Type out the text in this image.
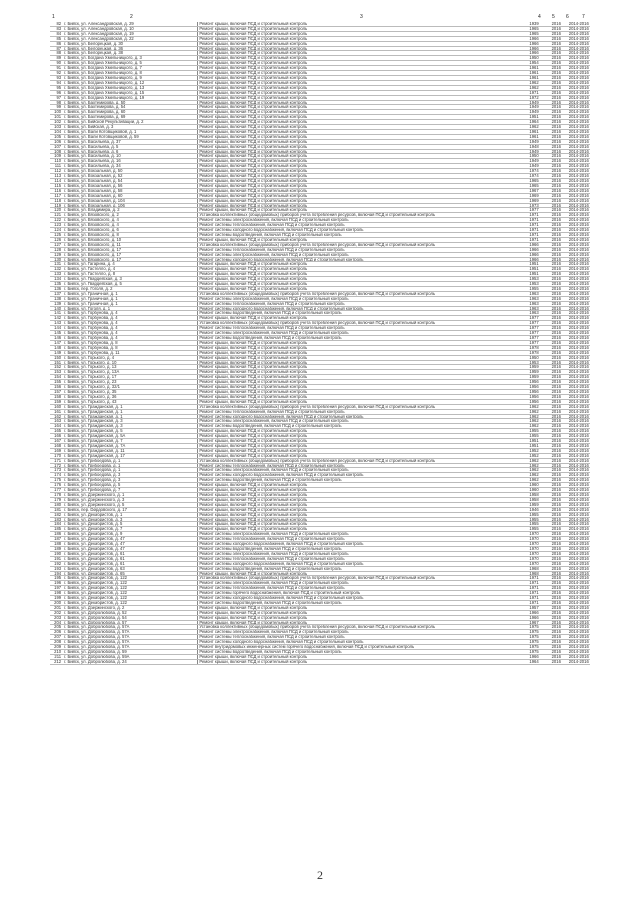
1	2	3	4 5 6	7
82	г. Бийск, ул. Александровская, д. 29	Ремонт крыши, включая ПСД и строительный контроль	1939	2016	2014-2016
83	г. Бийск, ул. Александровская, д. 10	Ремонт крыши, включая ПСД и строительный контроль	1965	2016	2014-2016
84	г. Бийск, ул. Александровская, д. 19	Ремонт крыши, включая ПСД и строительный контроль	1965	2016	2014-2016
85	г. Бийск, ул. Александровская, д. 22	Ремонт крыши, включая ПСД и строительный контроль	1966	2016	2014-2016
86	г. Бийск, ул. Белорецкая, д. 30	Ремонт крыши, включая ПСД и строительный контроль	1966	2016	2014-2016
87	г. Бийск, ул. Белорецкая, д. 36	Ремонт крыши, включая ПСД и строительный контроль	1966	2016	2014-2016
88	г. Бийск, ул. Белорецкая, д. 38	Ремонт крыши, включая ПСД и строительный контроль	1966	2016	2014-2016
89	г. Бийск, ул. Богдана Хмельницкого, д. 3	Ремонт крыши, включая ПСД и строительный контроль	1950	2016	2014-2016
90	г. Бийск, ул. Богдана Хмельницкого, д. 5	Ремонт крыши, включая ПСД и строительный контроль	1954	2016	2014-2016
91	г. Бийск, ул. Богдана Хмельницкого, д. 7	Ремонт крыши, включая ПСД и строительный контроль	1961	2016	2014-2016
92	г. Бийск, ул. Богдана Хмельницкого, д. 8	Ремонт крыши, включая ПСД и строительный контроль	1961	2016	2014-2016
93	г. Бийск, ул. Богдана Хмельницкого, д. 9	Ремонт крыши, включая ПСД и строительный контроль	1961	2016	2014-2016
94	г. Бийск, ул. Богдана Хмельницкого, д. 12	Ремонт крыши, включая ПСД и строительный контроль	1962	2016	2014-2016
95	г. Бийск, ул. Богдана Хмельницкого, д. 13	Ремонт крыши, включая ПСД и строительный контроль	1962	2016	2014-2016
96	г. Бийск, ул. Богдана Хмельницкого, д. 15	Ремонт крыши, включая ПСД и строительный контроль	1971	2016	2014-2016
97	г. Бийск, ул. Богдана Хмельницкого, д. 19	Ремонт крыши, включая ПСД и строительный контроль	1972	2016	2014-2016
98	г. Бийск, ул. Бахтемирова, д. 50	Ремонт крыши, включая ПСД и строительный контроль	1949	2016	2014-2016
99	г. Бийск, ул. Бахтемирова, д. 54	Ремонт крыши, включая ПСД и строительный контроль	1949	2016	2014-2016
100	г. Бийск, ул. Бахтемирова, д. 60	Ремонт крыши, включая ПСД и строительный контроль	1949	2016	2014-2016
101	г. Бийск, ул. Бахтемирова, д. 69	Ремонт крыши, включая ПСД и строительный контроль	1951	2016	2014-2016
102	г. Бийск, ул. Бийской Рекультивации, д. 2	Ремонт крыши, включая ПСД и строительный контроль	1964	2016	2014-2016
103	г. Бийск, ул. Бийская, д. 3	Ремонт крыши, включая ПСД и строительный контроль	1962	2016	2014-2016
104	г. Бийск, ул. Вали Котовщиковой, д. 1	Ремонт крыши, включая ПСД и строительный контроль	1961	2016	2014-2016
105	г. Бийск, ул. Вали Котовщиковой, д. 59	Ремонт крыши, включая ПСД и строительный контроль	1961	2016	2014-2016
106	г. Бийск, ул. Васильева, д. 37	Ремонт крыши, включая ПСД и строительный контроль	1949	2016	2014-2016
107	г. Бийск, ул. Васильева, д. 5	Ремонт крыши, включая ПСД и строительный контроль	1948	2016	2014-2016
108	г. Бийск, ул. Васильева, д. 6	Ремонт крыши, включая ПСД и строительный контроль	1949	2016	2014-2016
109	г. Бийск, ул. Васильева, д. 10	Ремонт крыши, включая ПСД и строительный контроль	1950	2016	2014-2016
110	г. Бийск, ул. Васильева, д. 16	Ремонт крыши, включая ПСД и строительный контроль	1949	2016	2014-2016
111	г. Бийск, ул. Васильева, д. 34	Ремонт крыши, включая ПСД и строительный контроль	1949	2016	2014-2016
112	г. Бийск, ул. Вокзальная, д. 50	Ремонт крыши, включая ПСД и строительный контроль	1974	2016	2014-2016
113	г. Бийск, ул. Вокзальная, д. 52	Ремонт крыши, включая ПСД и строительный контроль	1974	2016	2014-2016
114	г. Бийск, ул. Вокзальная, д. 54	Ремонт крыши, включая ПСД и строительный контроль	1965	2016	2014-2016
115	г. Бийск, ул. Вокзальная, д. 56	Ремонт крыши, включая ПСД и строительный контроль	1965	2016	2014-2016
116	г. Бийск, ул. Вокзальная, д. 58	Ремонт крыши, включая ПСД и строительный контроль	1967	2016	2014-2016
117	г. Бийск, ул. Вокзальная, д. 60	Ремонт крыши, включая ПСД и строительный контроль	1969	2016	2014-2016
118	г. Бийск, ул. Вокзальная, д. 104	Ремонт крыши, включая ПСД и строительный контроль	1969	2016	2014-2016
119	г. Бийск, ул. Вокзальная, д. 106	Ремонт крыши, включая ПСД и строительный контроль	1973	2016	2014-2016
120	г. Бийск, ул. Владимира, д. 2	Ремонт крыши, включая ПСД и строительный контроль	1977	2016	2014-2016
121	г. Бийск, ул. Вязовского, д. 2	Установка коллективных (общедомовых) приборов учета потребления ресурсов, включая ПСД и строительный контроль	1971	2016	2014-2016
122	г. Бийск, ул. Вязовского, д. 4	Ремонт системы электроснабжения, включая ПСД и строительный контроль	1971	2016	2014-2016
123	г. Бийск, ул. Вязовского, д. 4	Ремонт системы теплоснабжения, включая ПСД и строительный контроль	1971	2016	2014-2016
124	г. Бийск, ул. Вязовского, д. 6	Ремонт системы холодного водоснабжения, включая ПСД и строительный контроль	1971	2016	2014-2016
125	г. Бийск, ул. Вязовского, д. 8	Ремонт системы водоотведения, включая ПСД и строительный контроль	1971	2016	2014-2016
126	г. Бийск, ул. Вязовского, д. 10	Ремонт крыши, включая ПСД и строительный контроль	1971	2016	2014-2016
127	г. Бийск, ул. Вязовского, д. 11	Установка коллективных (общедомовых) приборов учета потребления ресурсов, включая ПСД и строительный контроль	1966	2016	2014-2016
128	г. Бийск, ул. Вязовского, д. 17	Ремонт системы теплоснабжения, включая ПСД и строительный контроль	1966	2016	2014-2016
129	г. Бийск, ул. Вязовского, д. 17	Ремонт системы электроснабжения, включая ПСД и строительный контроль	1966	2016	2014-2016
130	г. Бийск, ул. Вязовского, д. 17	Ремонт системы холодного водоснабжения, включая ПСД и строительный контроль	1966	2016	2014-2016
131	г. Бийск, ул. Гагарина, д. 4	Ремонт крыши, включая ПСД и строительный контроль	1951	2016	2014-2016
132	г. Бийск, ул. Гастелло, д. 4	Ремонт крыши, включая ПСД и строительный контроль	1951	2016	2014-2016
133	г. Бийск, ул. Гастелло, д. 8	Ремонт крыши, включая ПСД и строительный контроль	1951	2016	2014-2016
134	г. Бийск, ул. Гвардейская, д. 3	Ремонт крыши, включая ПСД и строительный контроль	1953	2016	2014-2016
135	г. Бийск, ул. Гвардейская, д. 5	Ремонт крыши, включая ПСД и строительный контроль	1953	2016	2014-2016
136	г. Бийск, пер. Гоголя, д. 2	Ремонт крыши, включая ПСД и строительный контроль	1955	2016	2014-2016
137	г. Бийск, ул. Граничная, д. 1	Установка коллективных (общедомовых) приборов учета потребления ресурсов, включая ПСД и строительный контроль	1963	2016	2014-2016
138	г. Бийск, ул. Граничная, д. 1	Ремонт системы электроснабжения, включая ПСД и строительный контроль	1963	2016	2014-2016
139	г. Бийск, ул. Граничная, д. 1	Ремонт системы теплоснабжения, включая ПСД и строительный контроль	1963	2016	2014-2016
140	г. Бийск, ул. Гоголя, д. 1	Ремонт системы холодного водоснабжения, включая ПСД и строительный контроль	1963	2016	2014-2016
141	г. Бийск, ул. Горбунова, д. 4	Ремонт системы водоотведения, включая ПСД и строительный контроль	1963	2016	2014-2016
142	г. Бийск, ул. Горбунова, д. 4	Ремонт крыши, включая ПСД и строительный контроль	1977	2016	2014-2016
143	г. Бийск, ул. Горбунова, д. 4	Установка коллективных (общедомовых) приборов учета потребления ресурсов, включая ПСД и строительный контроль	1977	2016	2014-2016
144	г. Бийск, ул. Горбунова, д. 4	Ремонт системы теплоснабжения, включая ПСД и строительный контроль	1977	2016	2014-2016
145	г. Бийск, ул. Горбунова, д. 4	Ремонт системы электроснабжения, включая ПСД и строительный контроль	1977	2016	2014-2016
146	г. Бийск, ул. Горбунова, д. 4	Ремонт системы водоотведения, включая ПСД и строительный контроль	1977	2016	2014-2016
147	г. Бийск, ул. Горбунова, д. 8	Ремонт крыши, включая ПСД и строительный контроль	1977	2016	2014-2016
148	г. Бийск, ул. Горбунова, д. 8	Ремонт крыши, включая ПСД и строительный контроль	1978	2016	2014-2016
149	г. Бийск, ул. Горбунова, д. 11	Ремонт крыши, включая ПСД и строительный контроль	1978	2016	2014-2016
150	г. Бийск, ул. Горького, д. 4	Ремонт крыши, включая ПСД и строительный контроль	1950	2016	2014-2016
151	г. Бийск, ул. Горького, д. 10	Ремонт крыши, включая ПСД и строительный контроль	1953	2016	2014-2016
152	г. Бийск, ул. Горького, д. 13	Ремонт крыши, включая ПСД и строительный контроль	1959	2016	2014-2016
153	г. Бийск, ул. Горького, д. 13А	Ремонт крыши, включая ПСД и строительный контроль	1959	2016	2014-2016
154	г. Бийск, ул. Горького, д. 17	Ремонт крыши, включая ПСД и строительный контроль	1959	2016	2014-2016
155	г. Бийск, ул. Горького, д. 23	Ремонт крыши, включая ПСД и строительный контроль	1956	2016	2014-2016
156	г. Бийск, ул. Горького, д. 32/1	Ремонт крыши, включая ПСД и строительный контроль	1956	2016	2014-2016
157	г. Бийск, ул. Горького, д. 35	Ремонт крыши, включая ПСД и строительный контроль	1956	2016	2014-2016
158	г. Бийск, ул. Горького, д. 36	Ремонт крыши, включая ПСД и строительный контроль	1956	2016	2014-2016
159	г. Бийск, ул. Горького, д. 43	Ремонт крыши, включая ПСД и строительный контроль	1956	2016	2014-2016
160	г. Бийск, ул. Гражданская, д. 1	Установка коллективных (общедомовых) приборов учета потребления ресурсов, включая ПСД и строительный контроль	1962	2016	2014-2016
161	г. Бийск, ул. Гражданская, д. 1	Ремонт системы теплоснабжения, включая ПСД и строительный контроль	1962	2016	2014-2016
162	г. Бийск, ул. Гражданская, д. 1	Ремонт системы холодного водоснабжения, включая ПСД и строительный контроль	1962	2016	2014-2016
163	г. Бийск, ул. Гражданская, д. 3	Ремонт системы электроснабжения, включая ПСД и строительный контроль	1962	2016	2014-2016
164	г. Бийск, ул. Гражданская, д. 3	Ремонт системы водоотведения, включая ПСД и строительный контроль	1962	2016	2014-2016
165	г. Бийск, ул. Гражданская, д. 5	Ремонт крыши, включая ПСД и строительный контроль	1955	2016	2014-2016
166	г. Бийск, ул. Гражданская, д. 5А	Ремонт крыши, включая ПСД и строительный контроль	1955	2016	2014-2016
167	г. Бийск, ул. Гражданская, д. 7	Ремонт крыши, включая ПСД и строительный контроль	1951	2016	2014-2016
168	г. Бийск, ул. Гражданская, д. 7А	Ремонт крыши, включая ПСД и строительный контроль	1951	2016	2014-2016
169	г. Бийск, ул. Гражданская, д. 11	Ремонт крыши, включая ПСД и строительный контроль	1952	2016	2014-2016
170	г. Бийск, ул. Гражданская, д. 17	Ремонт крыши, включая ПСД и строительный контроль	1952	2016	2014-2016
171	г. Бийск, ул. Грибоедова, д. 1	Установка коллективных (общедомовых) приборов учета потребления ресурсов, включая ПСД и строительный контроль	1962	2016	2014-2016
172	г. Бийск, ул. Грибоедова, д. 1	Ремонт системы теплоснабжения, включая ПСД и строительный контроль	1962	2016	2014-2016
173	г. Бийск, ул. Грибоедова, д. 1	Ремонт системы электроснабжения, включая ПСД и строительный контроль	1962	2016	2014-2016
174	г. Бийск, ул. Грибоедова, д. 3	Ремонт системы холодного водоснабжения, включая ПСД и строительный контроль	1962	2016	2014-2016
175	г. Бийск, ул. Грибоедова, д. 3	Ремонт системы водоотведения, включая ПСД и строительный контроль	1962	2016	2014-2016
176	г. Бийск, ул. Грибоедова, д. 5	Ремонт крыши, включая ПСД и строительный контроль	1960	2016	2014-2016
177	г. Бийск, ул. Грибоедова, д. 7	Ремонт крыши, включая ПСД и строительный контроль	1960	2016	2014-2016
178	г. Бийск, ул. Дзержинского, д. 1	Ремонт крыши, включая ПСД и строительный контроль	1958	2016	2014-2016
179	г. Бийск, ул. Дзержинского, д. 3	Ремонт крыши, включая ПСД и строительный контроль	1958	2016	2014-2016
180	г. Бийск, ул. Дзержинского, д. 5	Ремонт крыши, включая ПСД и строительный контроль	1959	2016	2014-2016
181	г. Бийск, пер. Døрдовского, д. 17	Ремонт крыши, включая ПСД и строительный контроль	1946	2016	2014-2016
182	г. Бийск, ул. Декабристов, д. 1	Ремонт крыши, включая ПСД и строительный контроль	1955	2016	2014-2016
183	г. Бийск, ул. Декабристов, д. 3	Ремонт крыши, включая ПСД и строительный контроль	1955	2016	2014-2016
184	г. Бийск, ул. Декабристов, д. 5	Ремонт крыши, включая ПСД и строительный контроль	1955	2016	2014-2016
185	г. Бийск, ул. Декабристов, д. 7	Ремонт крыши, включая ПСД и строительный контроль	1955	2016	2014-2016
186	г. Бийск, ул. Декабристов, д. 9	Ремонт системы электроснабжения, включая ПСД и строительный контроль	1970	2016	2014-2016
187	г. Бийск, ул. Декабристов, д. 47	Ремонт системы теплоснабжения, включая ПСД и строительный контроль	1970	2016	2014-2016
188	г. Бийск, ул. Декабристов, д. 47	Ремонт системы холодного водоснабжения, включая ПСД и строительный контроль	1970	2016	2014-2016
189	г. Бийск, ул. Декабристов, д. 47	Ремонт системы водоотведения, включая ПСД и строительный контроль	1970	2016	2014-2016
190	г. Бийск, ул. Декабристов, д. 61	Ремонт системы электроснабжения, включая ПСД и строительный контроль	1970	2016	2014-2016
191	г. Бийск, ул. Декабристов, д. 61	Ремонт системы теплоснабжения, включая ПСД и строительный контроль	1970	2016	2014-2016
192	г. Бийск, ул. Декабристов, д. 61	Ремонт системы холодного водоснабжения, включая ПСД и строительный контроль	1970	2016	2014-2016
193	г. Бийск, ул. Декабристов, д. 63	Ремонт системы водоотведения, включая ПСД и строительный контроль	1968	2016	2014-2016
194	г. Бийск, ул. Декабристов, д. 65	Ремонт крыши, включая ПСД и строительный контроль	1968	2016	2014-2016
195	г. Бийск, ул. Декабристов, д. 122	Установка коллективных (общедомовых) приборов учета потребления ресурсов, включая ПСД и строительный контроль	1971	2016	2014-2016
196	г. Бийск, ул. Декабристов, д. 122	Ремонт системы электроснабжения, включая ПСД и строительный контроль	1971	2016	2014-2016
197	г. Бийск, ул. Декабристов, д. 122	Ремонт системы теплоснабжения, включая ПСД и строительный контроль	1971	2016	2014-2016
198	г. Бийск, ул. Декабристов, д. 122	Ремонт системы горячего водоснабжения, включая ПСД и строительный контроль	1971	2016	2014-2016
199	г. Бийск, ул. Декабристов, д. 122	Ремонт системы холодного водоснабжения, включая ПСД и строительный контроль	1971	2016	2014-2016
200	г. Бийск, ул. Декабристов, д. 122	Ремонт системы водоотведения, включая ПСД и строительный контроль	1971	2016	2014-2016
201	г. Бийск, ул. Дзержинского, д. 2	Ремонт крыши, включая ПСД и строительный контроль	1957	2016	2014-2016
202	г. Бийск, ул. Добролюбова, д. 52	Ремонт крыши, включая ПСД и строительный контроль	1966	2016	2014-2016
203	г. Бийск, ул. Добролюбова, д. 54	Ремонт крыши, включая ПСД и строительный контроль	1966	2016	2014-2016
204	г. Бийск, ул. Добролюбова, д. 57	Ремонт крыши, включая ПСД и строительный контроль	1967	2016	2014-2016
205	г. Бийск, ул. Добролюбова, д. 57А	Установка коллективных (общедомовых) приборов учета потребления ресурсов, включая ПСД и строительный контроль	1975	2016	2014-2016
206	г. Бийск, ул. Добролюбова, д. 57А	Ремонт системы электроснабжения, включая ПСД и строительный контроль	1975	2016	2014-2016
207	г. Бийск, ул. Добролюбова, д. 57А	Ремонт системы теплоснабжения, включая ПСД и строительный контроль	1975	2016	2014-2016
208	г. Бийск, ул. Добролюбова, д. 57А	Ремонт системы холодного водоснабжения, включая ПСД и строительный контроль	1975	2016	2014-2016
209	г. Бийск, ул. Добролюбова, д. 57А	Ремонт внутридомовых инженерных систем горячего водоснабжения, включая ПСД и строительный контроль	1975	2016	2014-2016
210	г. Бийск, ул. Добролюбова, д. 59	Ремонт системы водоотведения, включая ПСД и строительный контроль	1975	2016	2014-2016
211	г. Бийск, ул. Добролюбова, д. 59А	Ремонт крыши, включая ПСД и строительный контроль	1966	2016	2014-2016
212	г. Бийск, ул. Добролюбова, д. 24	Ремонт крыши, включая ПСД и строительный контроль	1964	2016	2014-2016
2
